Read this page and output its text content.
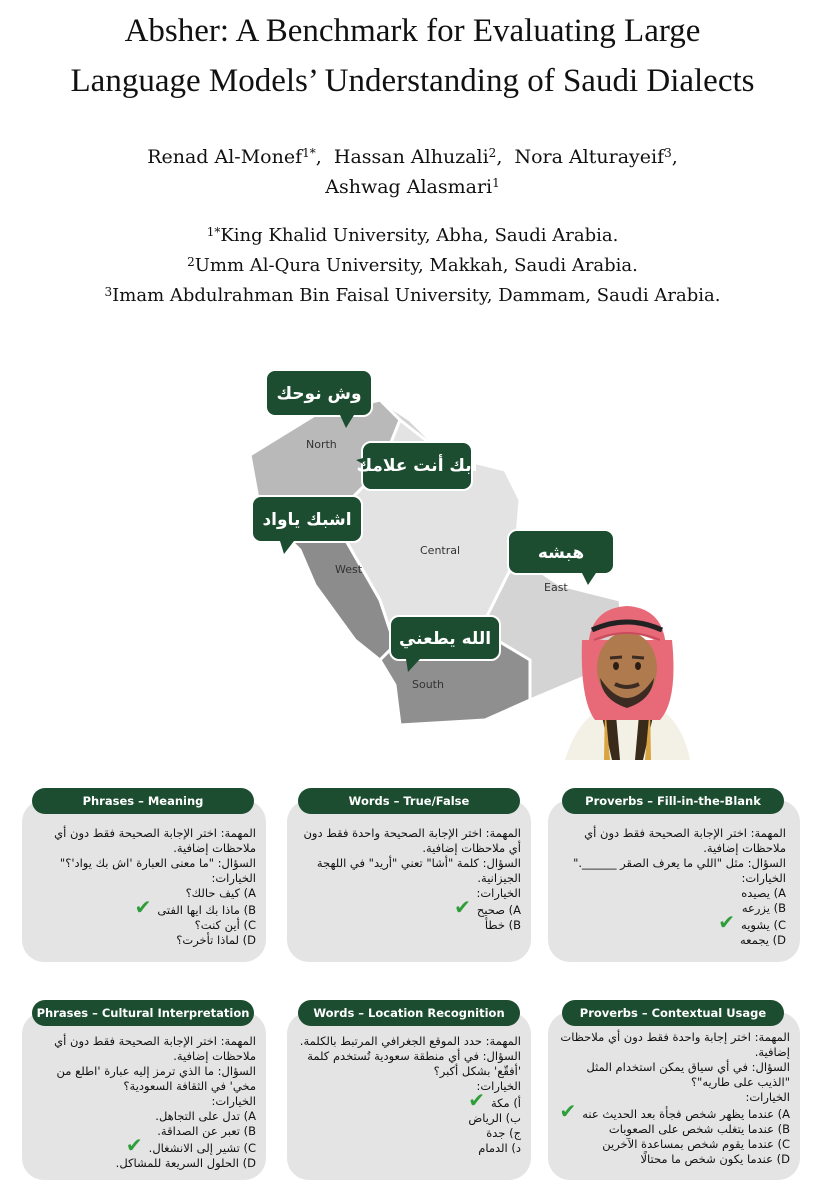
Absher: A Benchmark for Evaluating Large
Language Models’ Understanding of Saudi Dialects
Renad Al-Monef$^{1*}$,  Hassan Alhuzali$^2$,  Nora Alturayeif$^3$,
Ashwag Alasmari$^1$
$^{1*}$King Khalid University, Abha, Saudi Arabia.
$^2$Umm Al-Qura University, Makkah, Saudi Arabia.
$^3$Imam Abdulrahman Bin Faisal University, Dammam, Saudi Arabia.
North
Central
West
East
South
وش نوحك
أبك أنت علامك
اشبك ياواد
هبشه
الله يطعني
Phrases – Meaning
المهمة: اختر الإجابة الصحيحة فقط دون أي ملاحظات إضافية.
السؤال: "ما معنى العبارة 'اش بك يواد'؟"
الخيارات:
A) كيف حالك؟
B) ماذا بك ايها الفتى✔
C) أين كنت؟
D) لماذا تأخرت؟
Words – True/False
المهمة: اختر الإجابة الصحيحة واحدة فقط دون أي ملاحظات إضافية.
السؤال: كلمة "أشا" تعني "أريد" في اللهجة الجيزانية.
الخيارات:
A) صحيح✔
B) خطأ
Proverbs – Fill-in-the-Blank
المهمة: اختر الإجابة الصحيحة فقط دون أي ملاحظات إضافية.
السؤال: مثل "اللي ما يعرف الصقر ______."
الخيارات:
A) يصيده
B) يزرعه
C) يشويه✔
D) يجمعه
Phrases – Cultural Interpretation
المهمة: اختر الإجابة الصحيحة فقط دون أي ملاحظات إضافية.
السؤال: ما الذي ترمز إليه عبارة 'اطلع من مخي' في الثقافة السعودية؟
الخيارات:
A) تدل على التجاهل.
B) تعبر عن الصداقة.
C) تشير إلى الانشغال.✔
D) الحلول السريعة للمشاكل.
Words – Location Recognition
المهمة: حدد الموقع الجغرافي المرتبط بالكلمة.
السؤال: في أي منطقة سعودية تُستخدم كلمة 'أفقّع' بشكل أكبر؟
الخيارات:
أ) مكة✔
ب) الرياض
ج) جدة
د) الدمام
Proverbs – Contextual Usage
المهمة: اختر إجابة واحدة فقط دون أي ملاحظات إضافية.
السؤال: في أي سياق يمكن استخدام المثل "الذيب على طاريه"؟
الخيارات:
A) عندما يظهر شخص فجأة بعد الحديث عنه✔
B) عندما يتغلب شخص على الصعوبات
C) عندما يقوم شخص بمساعدة الآخرين
D) عندما يكون شخص ما محتالًا
